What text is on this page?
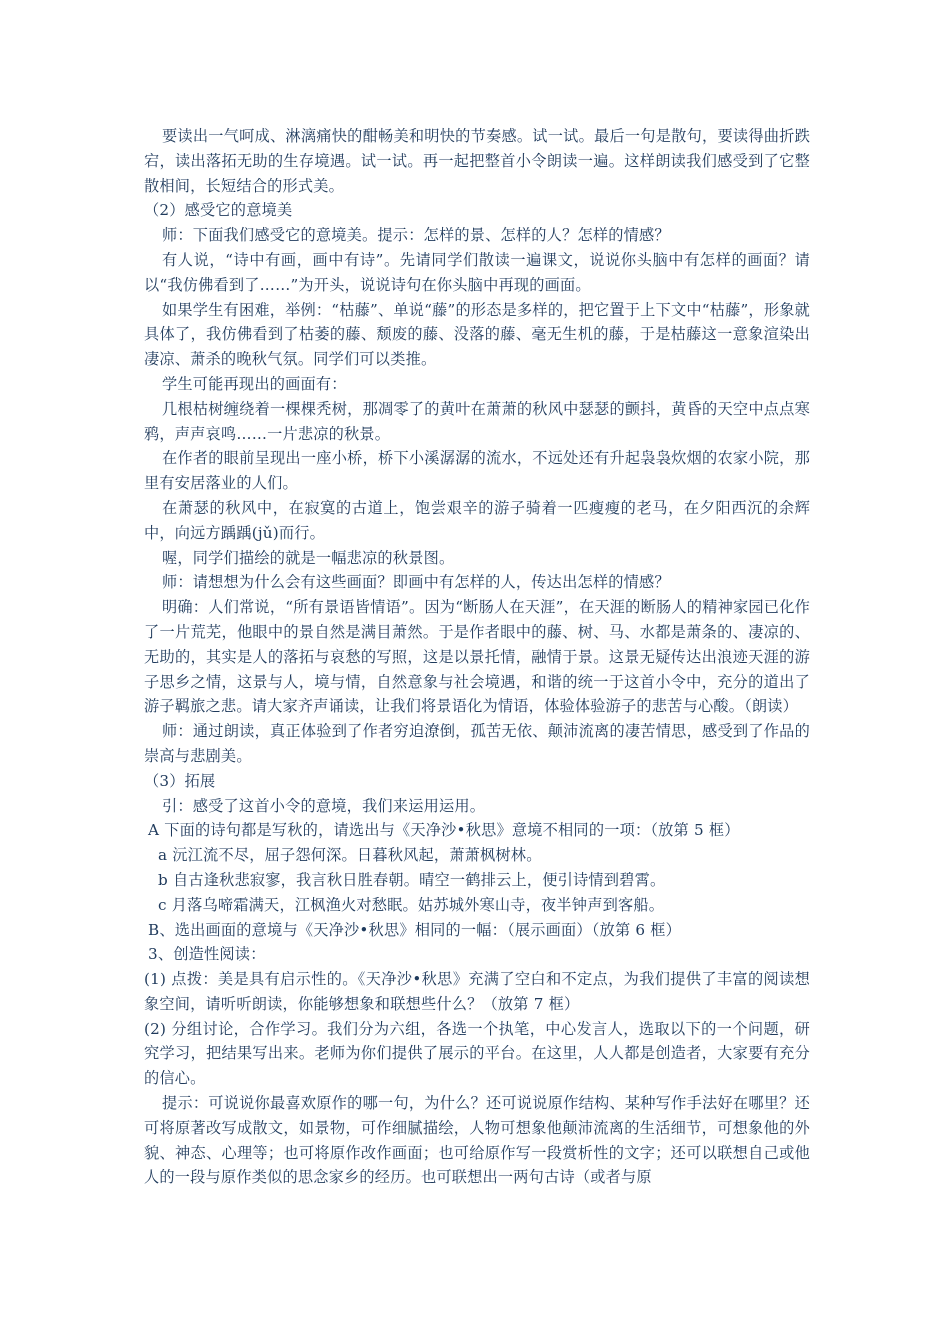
要读出一气呵成、淋漓痛快的酣畅美和明快的节奏感。试一试。最后一句是散句，要读得曲折跌宕，读出落拓无助的生存境遇。试一试。再一起把整首小令朗读一遍。这样朗读我们感受到了它整散相间，长短结合的形式美。

（2）感受它的意境美

师：下面我们感受它的意境美。提示：怎样的景、怎样的人？怎样的情感？

有人说，“诗中有画，画中有诗”。先请同学们散读一遍课文，说说你头脑中有怎样的画面？请以“我仿佛看到了……”为开头，说说诗句在你头脑中再现的画面。

如果学生有困难，举例：“枯藤”、单说“藤”的形态是多样的，把它置于上下文中“枯藤”，形象就具体了，我仿佛看到了枯萎的藤、颓废的藤、没落的藤、毫无生机的藤，于是枯藤这一意象渲染出凄凉、萧杀的晚秋气氛。同学们可以类推。

学生可能再现出的画面有：

几根枯树缠绕着一棵棵秃树，那凋零了的黄叶在萧萧的秋风中瑟瑟的颤抖，黄昏的天空中点点寒鸦，声声哀鸣……一片悲凉的秋景。

在作者的眼前呈现出一座小桥，桥下小溪潺潺的流水，不远处还有升起袅袅炊烟的农家小院，那里有安居落业的人们。

在萧瑟的秋风中，在寂寞的古道上，饱尝艰辛的游子骑着一匹瘦瘦的老马，在夕阳西沉的余辉中，向远方踽踽(jǔ)而行。

喔，同学们描绘的就是一幅悲凉的秋景图。

师：请想想为什么会有这些画面？即画中有怎样的人，传达出怎样的情感？

明确：人们常说，“所有景语皆情语”。因为“断肠人在天涯”，在天涯的断肠人的精神家园已化作了一片荒芜，他眼中的景自然是满目萧然。于是作者眼中的藤、树、马、水都是萧条的、凄凉的、无助的，其实是人的落拓与哀愁的写照，这是以景托情，融情于景。这景无疑传达出浪迹天涯的游子思乡之情，这景与人，境与情，自然意象与社会境遇，和谐的统一于这首小令中，充分的道出了游子羁旅之悲。请大家齐声诵读，让我们将景语化为情语，体验体验游子的悲苦与心酸。（朗读）

师：通过朗读，真正体验到了作者穷迫潦倒，孤苦无依、颠沛流离的凄苦情思，感受到了作品的崇高与悲剧美。

（3）拓展

引：感受了这首小令的意境，我们来运用运用。

A 下面的诗句都是写秋的，请选出与《天净沙•秋思》意境不相同的一项：（放第 5 框）

a 沅江流不尽，屈子怨何深。日暮秋风起，萧萧枫树林。

b 自古逢秋悲寂寥，我言秋日胜春朝。晴空一鹤排云上，便引诗情到碧霄。

c 月落乌啼霜满天，江枫渔火对愁眠。姑苏城外寒山寺，夜半钟声到客船。

B、选出画面的意境与《天净沙•秋思》相同的一幅：（展示画面）（放第 6 框）

3、创造性阅读：

(1) 点拨：美是具有启示性的。《天净沙•秋思》充满了空白和不定点，为我们提供了丰富的阅读想象空间，请听听朗读，你能够想象和联想些什么？（放第 7 框）

(2) 分组讨论，合作学习。我们分为六组，各选一个执笔，中心发言人，选取以下的一个问题，研究学习，把结果写出来。老师为你们提供了展示的平台。在这里，人人都是创造者，大家要有充分的信心。

提示：可说说你最喜欢原作的哪一句，为什么？还可说说原作结构、某种写作手法好在哪里？还可将原著改写成散文，如景物，可作细腻描绘，人物可想象他颠沛流离的生活细节，可想象他的外貌、神态、心理等；也可将原作改作画面；也可给原作写一段赏析性的文字；还可以联想自己或他人的一段与原作类似的思念家乡的经历。也可联想出一两句古诗（或者与原
